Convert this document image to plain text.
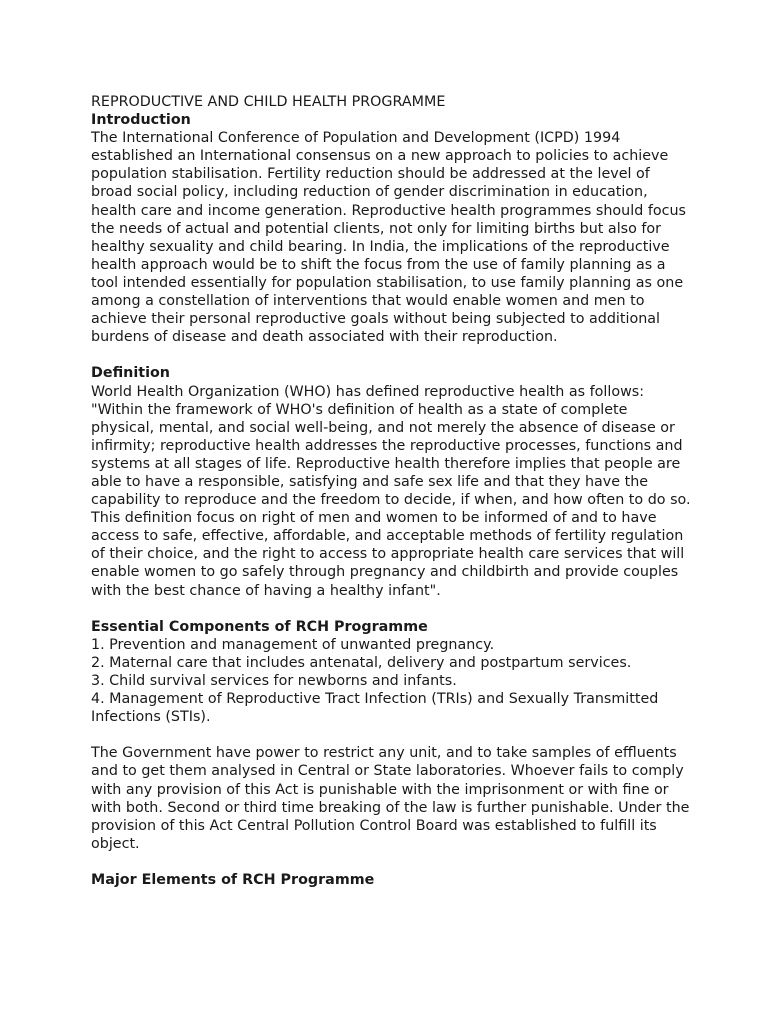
REPRODUCTIVE AND CHILD HEALTH PROGRAMME

Introduction

The International Conference of Population and Development (ICPD) 1994 established an International consensus on a new approach to policies to achieve population stabilisation. Fertility reduction should be addressed at the level of broad social policy, including reduction of gender discrimination in education, health care and income generation. Reproductive health programmes should focus the needs of actual and potential clients, not only for limiting births but also for healthy sexuality and child bearing. In India, the implications of the reproductive health approach would be to shift the focus from the use of family planning as a tool intended essentially for population stabilisation, to use family planning as one among a constellation of interventions that would enable women and men to achieve their personal reproductive goals without being subjected to additional burdens of disease and death associated with their reproduction.

Definition

World Health Organization (WHO) has defined reproductive health as follows: "Within the framework of WHO's definition of health as a state of complete physical, mental, and social well-being, and not merely the absence of disease or infirmity; reproductive health addresses the reproductive processes, functions and systems at all stages of life. Reproductive health therefore implies that people are able to have a responsible, satisfying and safe sex life and that they have the capability to reproduce and the freedom to decide, if when, and how often to do so. This definition focus on right of men and women to be informed of and to have access to safe, effective, affordable, and acceptable methods of fertility regulation of their choice, and the right to access to appropriate health care services that will enable women to go safely through pregnancy and childbirth and provide couples with the best chance of having a healthy infant".

Essential Components of RCH Programme

1. Prevention and management of unwanted pregnancy.

2. Maternal care that includes antenatal, delivery and postpartum services.

3. Child survival services for newborns and infants.

4. Management of Reproductive Tract Infection (TRIs) and Sexually Transmitted Infections (STIs).

The Government have power to restrict any unit, and to take samples of effluents and to get them analysed in Central or State laboratories. Whoever fails to comply with any provision of this Act is punishable with the imprisonment or with fine or with both. Second or third time breaking of the law is further punishable. Under the provision of this Act Central Pollution Control Board was established to fulfill its object.

Major Elements of RCH Programme
